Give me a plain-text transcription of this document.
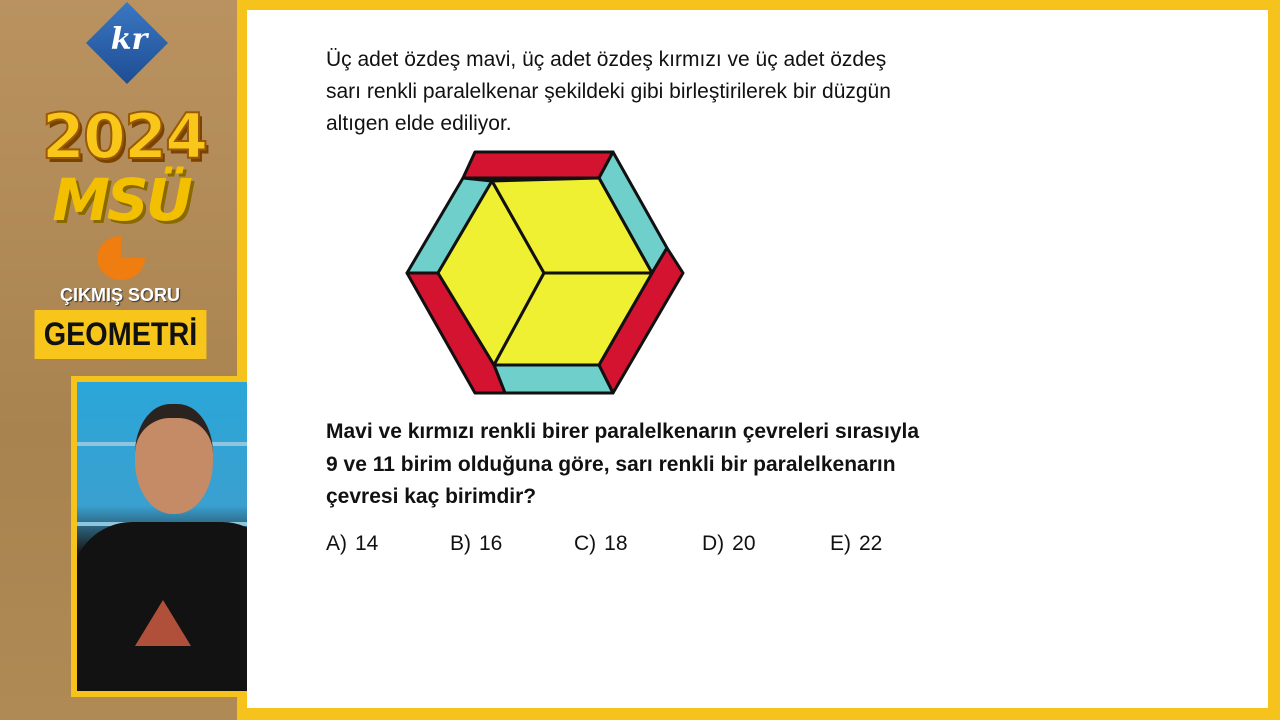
kr
2024
MSÜ
ÇIKMIŞ SORU
GEOMETRİ
Üç adet özdeş mavi, üç adet özdeş kırmızı ve üç adet özdeş
sarı renkli paralelkenar şekildeki gibi birleştirilerek bir düzgün
altıgen elde ediliyor.
Mavi ve kırmızı renkli birer paralelkenarın çevreleri sırasıyla
9 ve 11 birim olduğuna göre, sarı renkli bir paralelkenarın
çevresi kaç birimdir?
A) 14	B) 16	C) 18	D) 20	E) 22
